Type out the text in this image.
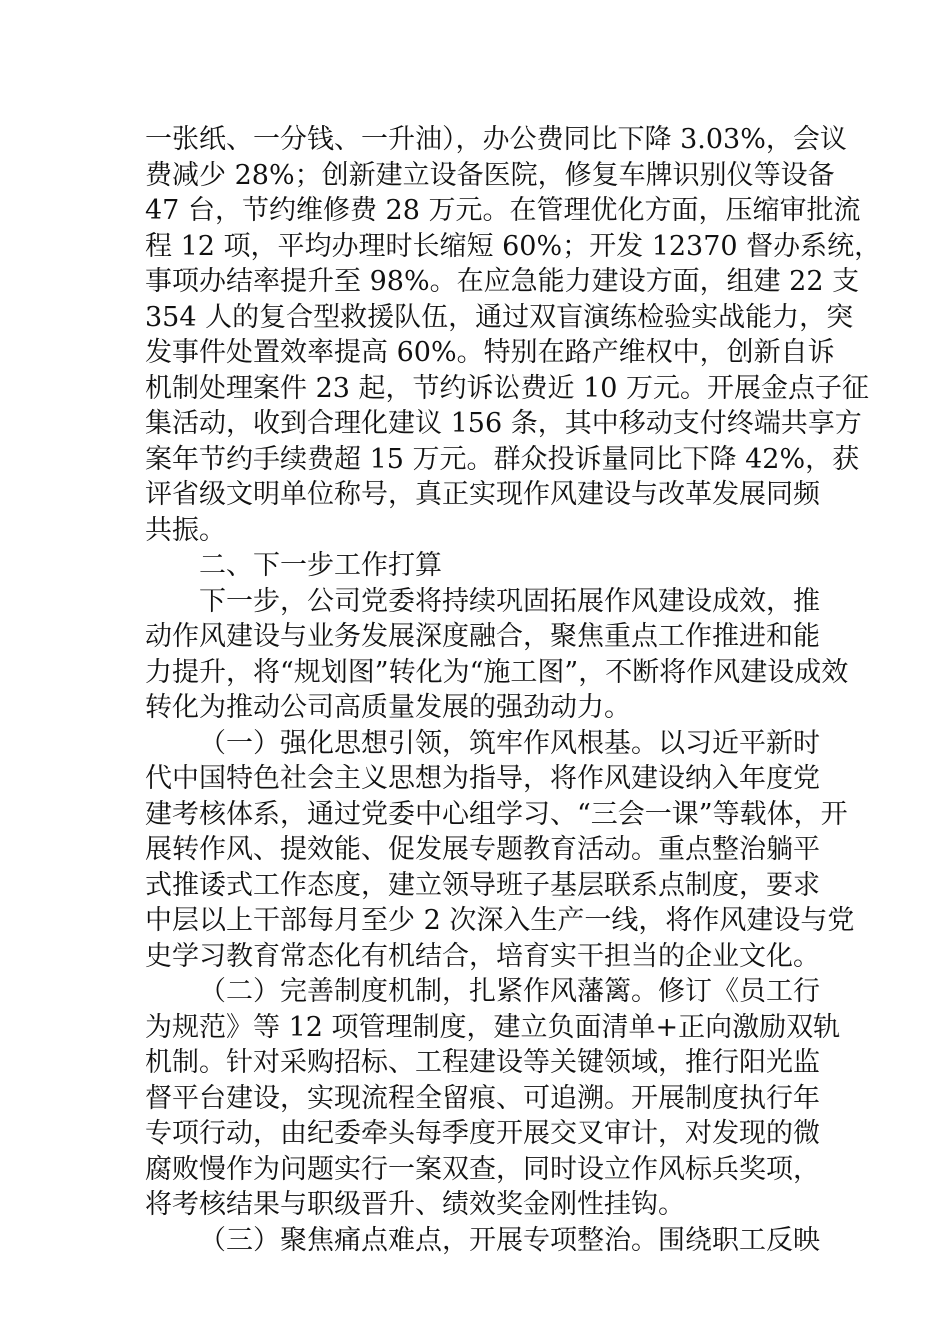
一张纸、一分钱、一升油），办公费同比下降 3.03%，会议
费减少 28%；创新建立设备医院，修复车牌识别仪等设备
47 台，节约维修费 28 万元。在管理优化方面，压缩审批流
程 12 项，平均办理时长缩短 60%；开发 12370 督办系统，
事项办结率提升至 98%。在应急能力建设方面，组建 22 支
354 人的复合型救援队伍，通过双盲演练检验实战能力，突
发事件处置效率提高 60%。特别在路产维权中，创新自诉
机制处理案件 23 起，节约诉讼费近 10 万元。开展金点子征
集活动，收到合理化建议 156 条，其中移动支付终端共享方
案年节约手续费超 15 万元。群众投诉量同比下降 42%，获
评省级文明单位称号，真正实现作风建设与改革发展同频
共振。
二、下一步工作打算
下一步，公司党委将持续巩固拓展作风建设成效，推
动作风建设与业务发展深度融合，聚焦重点工作推进和能
力提升，将“规划图”转化为“施工图”，不断将作风建设成效
转化为推动公司高质量发展的强劲动力。
（一）强化思想引领，筑牢作风根基。以习近平新时
代中国特色社会主义思想为指导，将作风建设纳入年度党
建考核体系，通过党委中心组学习、“三会一课”等载体，开
展转作风、提效能、促发展专题教育活动。重点整治躺平
式推诿式工作态度，建立领导班子基层联系点制度，要求
中层以上干部每月至少 2 次深入生产一线，将作风建设与党
史学习教育常态化有机结合，培育实干担当的企业文化。
（二）完善制度机制，扎紧作风藩篱。修订《员工行
为规范》等 12 项管理制度，建立负面清单+正向激励双轨
机制。针对采购招标、工程建设等关键领域，推行阳光监
督平台建设，实现流程全留痕、可追溯。开展制度执行年
专项行动，由纪委牵头每季度开展交叉审计，对发现的微
腐败慢作为问题实行一案双查，同时设立作风标兵奖项，
将考核结果与职级晋升、绩效奖金刚性挂钩。
（三）聚焦痛点难点，开展专项整治。围绕职工反映
